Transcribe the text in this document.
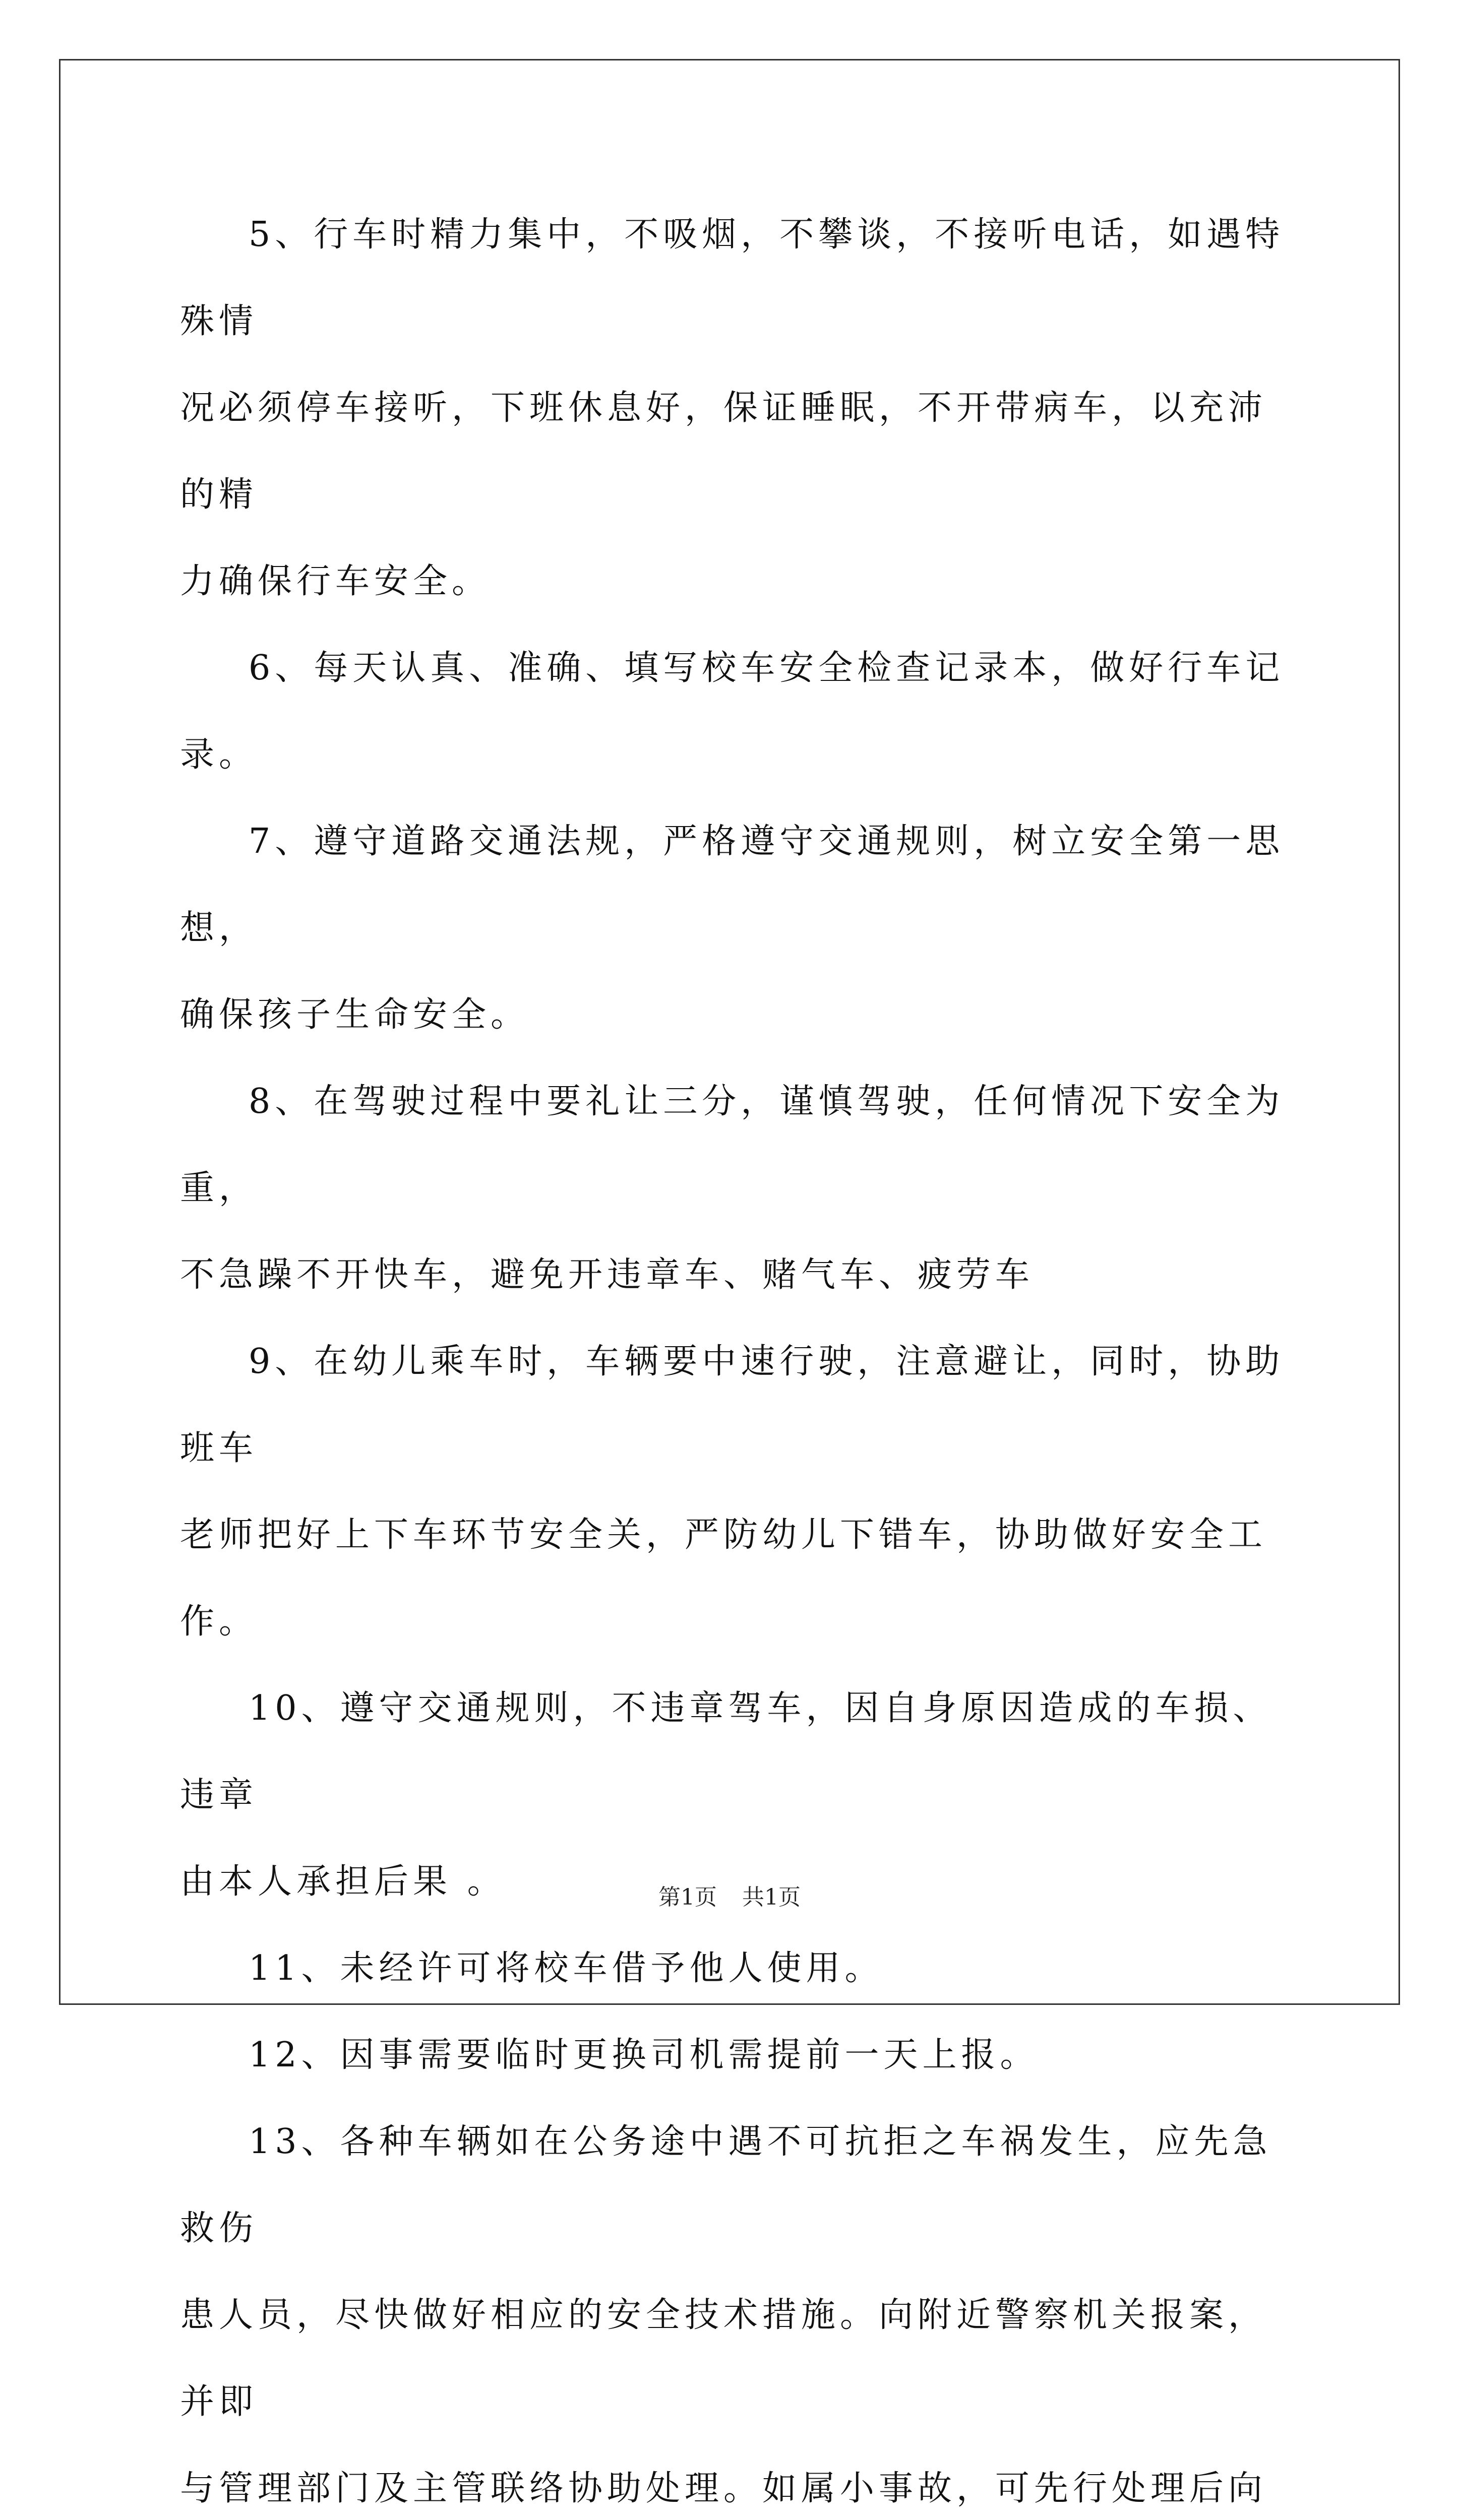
5、行车时精力集中，不吸烟，不攀谈，不接听电话，如遇特殊情
况必须停车接听，下班休息好，保证睡眠，不开带病车，以充沛的精
力确保行车安全。

6、每天认真、准确、填写校车安全检查记录本，做好行车记录。

7、遵守道路交通法规，严格遵守交通规则，树立安全第一思想，
确保孩子生命安全。

8、在驾驶过程中要礼让三分，谨慎驾驶，任何情况下安全为重，
不急躁不开快车，避免开违章车、赌气车、疲劳车

9、在幼儿乘车时，车辆要中速行驶，注意避让，同时，协助班车
老师把好上下车环节安全关，严防幼儿下错车，协助做好安全工作。

10、遵守交通规则，不违章驾车，因自身原因造成的车损、违章
由本人承担后果 。

11、未经许可将校车借予他人使用。

12、因事需要临时更换司机需提前一天上报。

13、各种车辆如在公务途中遇不可抗拒之车祸发生，应先急救伤
患人员，尽快做好相应的安全技术措施。向附近警察机关报案，并即
与管理部门及主管联络协助处理。如属小事故，可先行处理后向

第1页 共1页
